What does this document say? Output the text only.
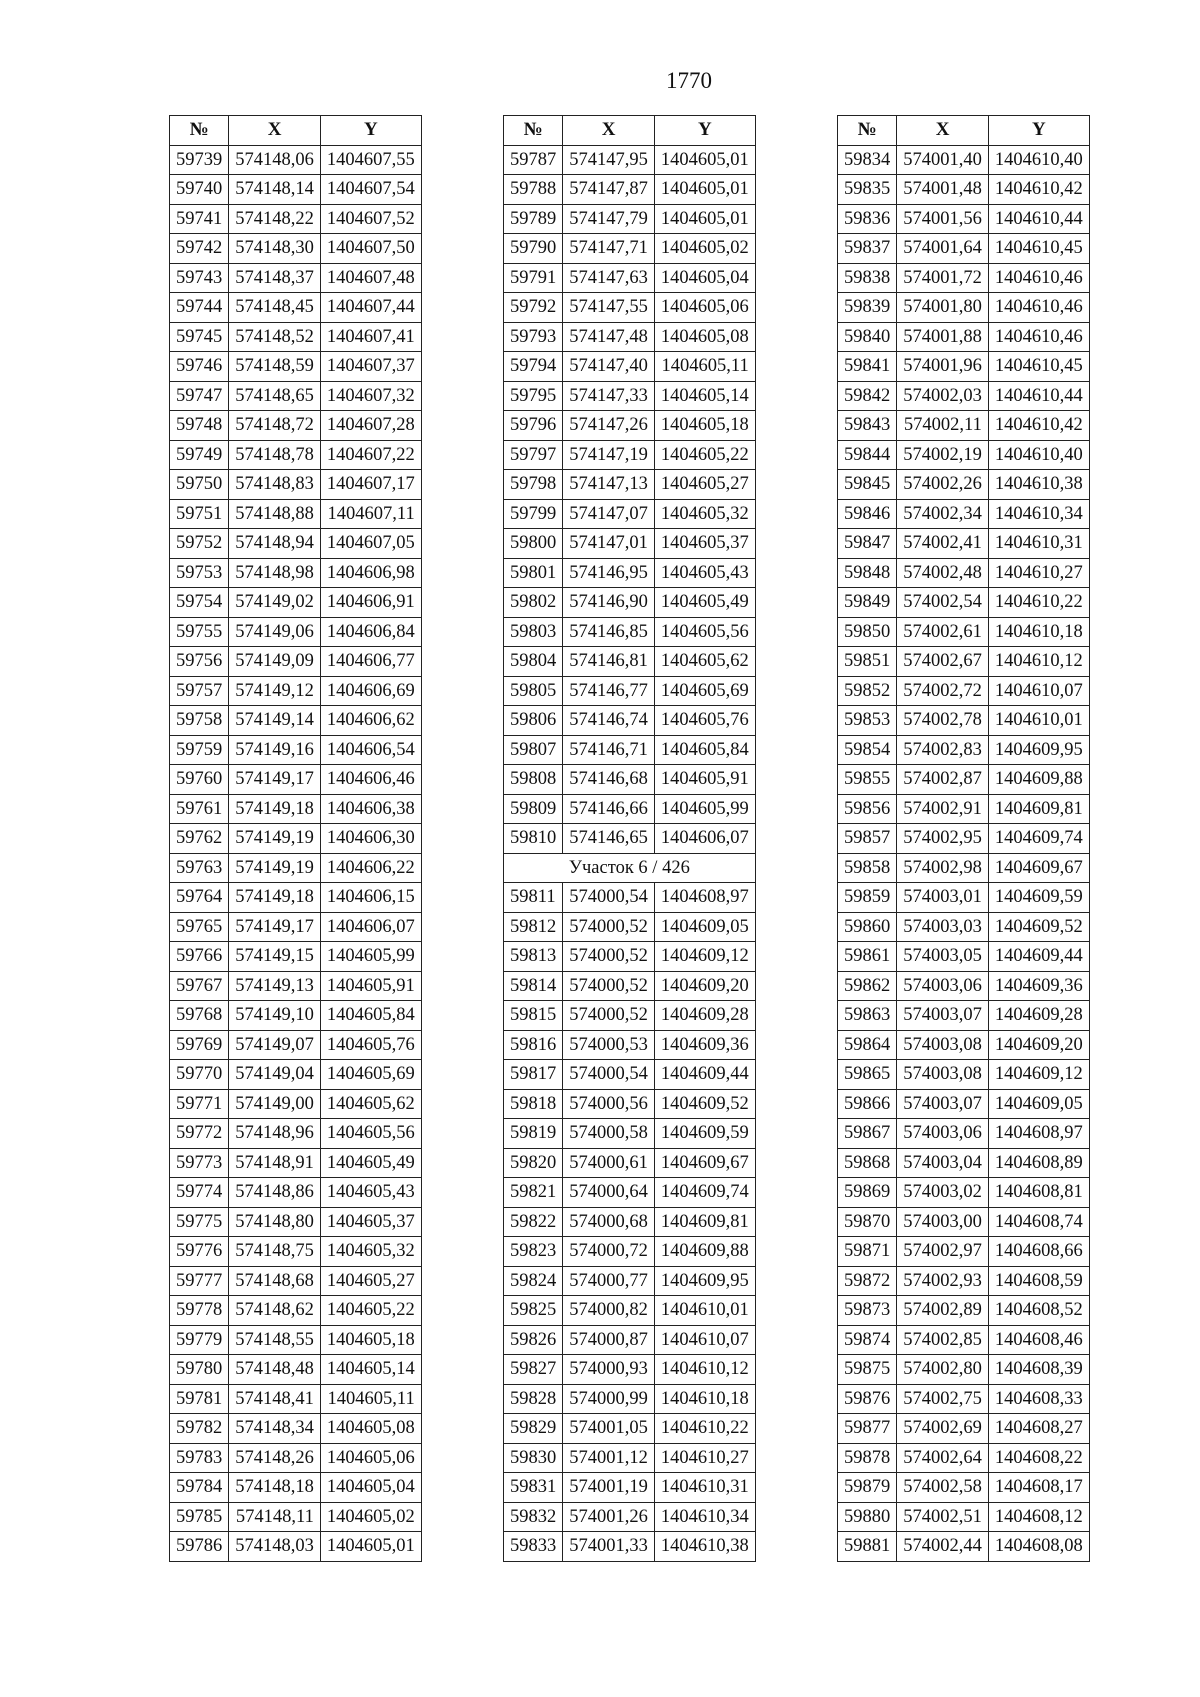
1770
№	X	Y
59739	574148,06	1404607,55
59740	574148,14	1404607,54
59741	574148,22	1404607,52
59742	574148,30	1404607,50
59743	574148,37	1404607,48
59744	574148,45	1404607,44
59745	574148,52	1404607,41
59746	574148,59	1404607,37
59747	574148,65	1404607,32
59748	574148,72	1404607,28
59749	574148,78	1404607,22
59750	574148,83	1404607,17
59751	574148,88	1404607,11
59752	574148,94	1404607,05
59753	574148,98	1404606,98
59754	574149,02	1404606,91
59755	574149,06	1404606,84
59756	574149,09	1404606,77
59757	574149,12	1404606,69
59758	574149,14	1404606,62
59759	574149,16	1404606,54
59760	574149,17	1404606,46
59761	574149,18	1404606,38
59762	574149,19	1404606,30
59763	574149,19	1404606,22
59764	574149,18	1404606,15
59765	574149,17	1404606,07
59766	574149,15	1404605,99
59767	574149,13	1404605,91
59768	574149,10	1404605,84
59769	574149,07	1404605,76
59770	574149,04	1404605,69
59771	574149,00	1404605,62
59772	574148,96	1404605,56
59773	574148,91	1404605,49
59774	574148,86	1404605,43
59775	574148,80	1404605,37
59776	574148,75	1404605,32
59777	574148,68	1404605,27
59778	574148,62	1404605,22
59779	574148,55	1404605,18
59780	574148,48	1404605,14
59781	574148,41	1404605,11
59782	574148,34	1404605,08
59783	574148,26	1404605,06
59784	574148,18	1404605,04
59785	574148,11	1404605,02
59786	574148,03	1404605,01
№	X	Y
59787	574147,95	1404605,01
59788	574147,87	1404605,01
59789	574147,79	1404605,01
59790	574147,71	1404605,02
59791	574147,63	1404605,04
59792	574147,55	1404605,06
59793	574147,48	1404605,08
59794	574147,40	1404605,11
59795	574147,33	1404605,14
59796	574147,26	1404605,18
59797	574147,19	1404605,22
59798	574147,13	1404605,27
59799	574147,07	1404605,32
59800	574147,01	1404605,37
59801	574146,95	1404605,43
59802	574146,90	1404605,49
59803	574146,85	1404605,56
59804	574146,81	1404605,62
59805	574146,77	1404605,69
59806	574146,74	1404605,76
59807	574146,71	1404605,84
59808	574146,68	1404605,91
59809	574146,66	1404605,99
59810	574146,65	1404606,07
Участок 6 / 426		
59811	574000,54	1404608,97
59812	574000,52	1404609,05
59813	574000,52	1404609,12
59814	574000,52	1404609,20
59815	574000,52	1404609,28
59816	574000,53	1404609,36
59817	574000,54	1404609,44
59818	574000,56	1404609,52
59819	574000,58	1404609,59
59820	574000,61	1404609,67
59821	574000,64	1404609,74
59822	574000,68	1404609,81
59823	574000,72	1404609,88
59824	574000,77	1404609,95
59825	574000,82	1404610,01
59826	574000,87	1404610,07
59827	574000,93	1404610,12
59828	574000,99	1404610,18
59829	574001,05	1404610,22
59830	574001,12	1404610,27
59831	574001,19	1404610,31
59832	574001,26	1404610,34
59833	574001,33	1404610,38
№	X	Y
59834	574001,40	1404610,40
59835	574001,48	1404610,42
59836	574001,56	1404610,44
59837	574001,64	1404610,45
59838	574001,72	1404610,46
59839	574001,80	1404610,46
59840	574001,88	1404610,46
59841	574001,96	1404610,45
59842	574002,03	1404610,44
59843	574002,11	1404610,42
59844	574002,19	1404610,40
59845	574002,26	1404610,38
59846	574002,34	1404610,34
59847	574002,41	1404610,31
59848	574002,48	1404610,27
59849	574002,54	1404610,22
59850	574002,61	1404610,18
59851	574002,67	1404610,12
59852	574002,72	1404610,07
59853	574002,78	1404610,01
59854	574002,83	1404609,95
59855	574002,87	1404609,88
59856	574002,91	1404609,81
59857	574002,95	1404609,74
59858	574002,98	1404609,67
59859	574003,01	1404609,59
59860	574003,03	1404609,52
59861	574003,05	1404609,44
59862	574003,06	1404609,36
59863	574003,07	1404609,28
59864	574003,08	1404609,20
59865	574003,08	1404609,12
59866	574003,07	1404609,05
59867	574003,06	1404608,97
59868	574003,04	1404608,89
59869	574003,02	1404608,81
59870	574003,00	1404608,74
59871	574002,97	1404608,66
59872	574002,93	1404608,59
59873	574002,89	1404608,52
59874	574002,85	1404608,46
59875	574002,80	1404608,39
59876	574002,75	1404608,33
59877	574002,69	1404608,27
59878	574002,64	1404608,22
59879	574002,58	1404608,17
59880	574002,51	1404608,12
59881	574002,44	1404608,08
